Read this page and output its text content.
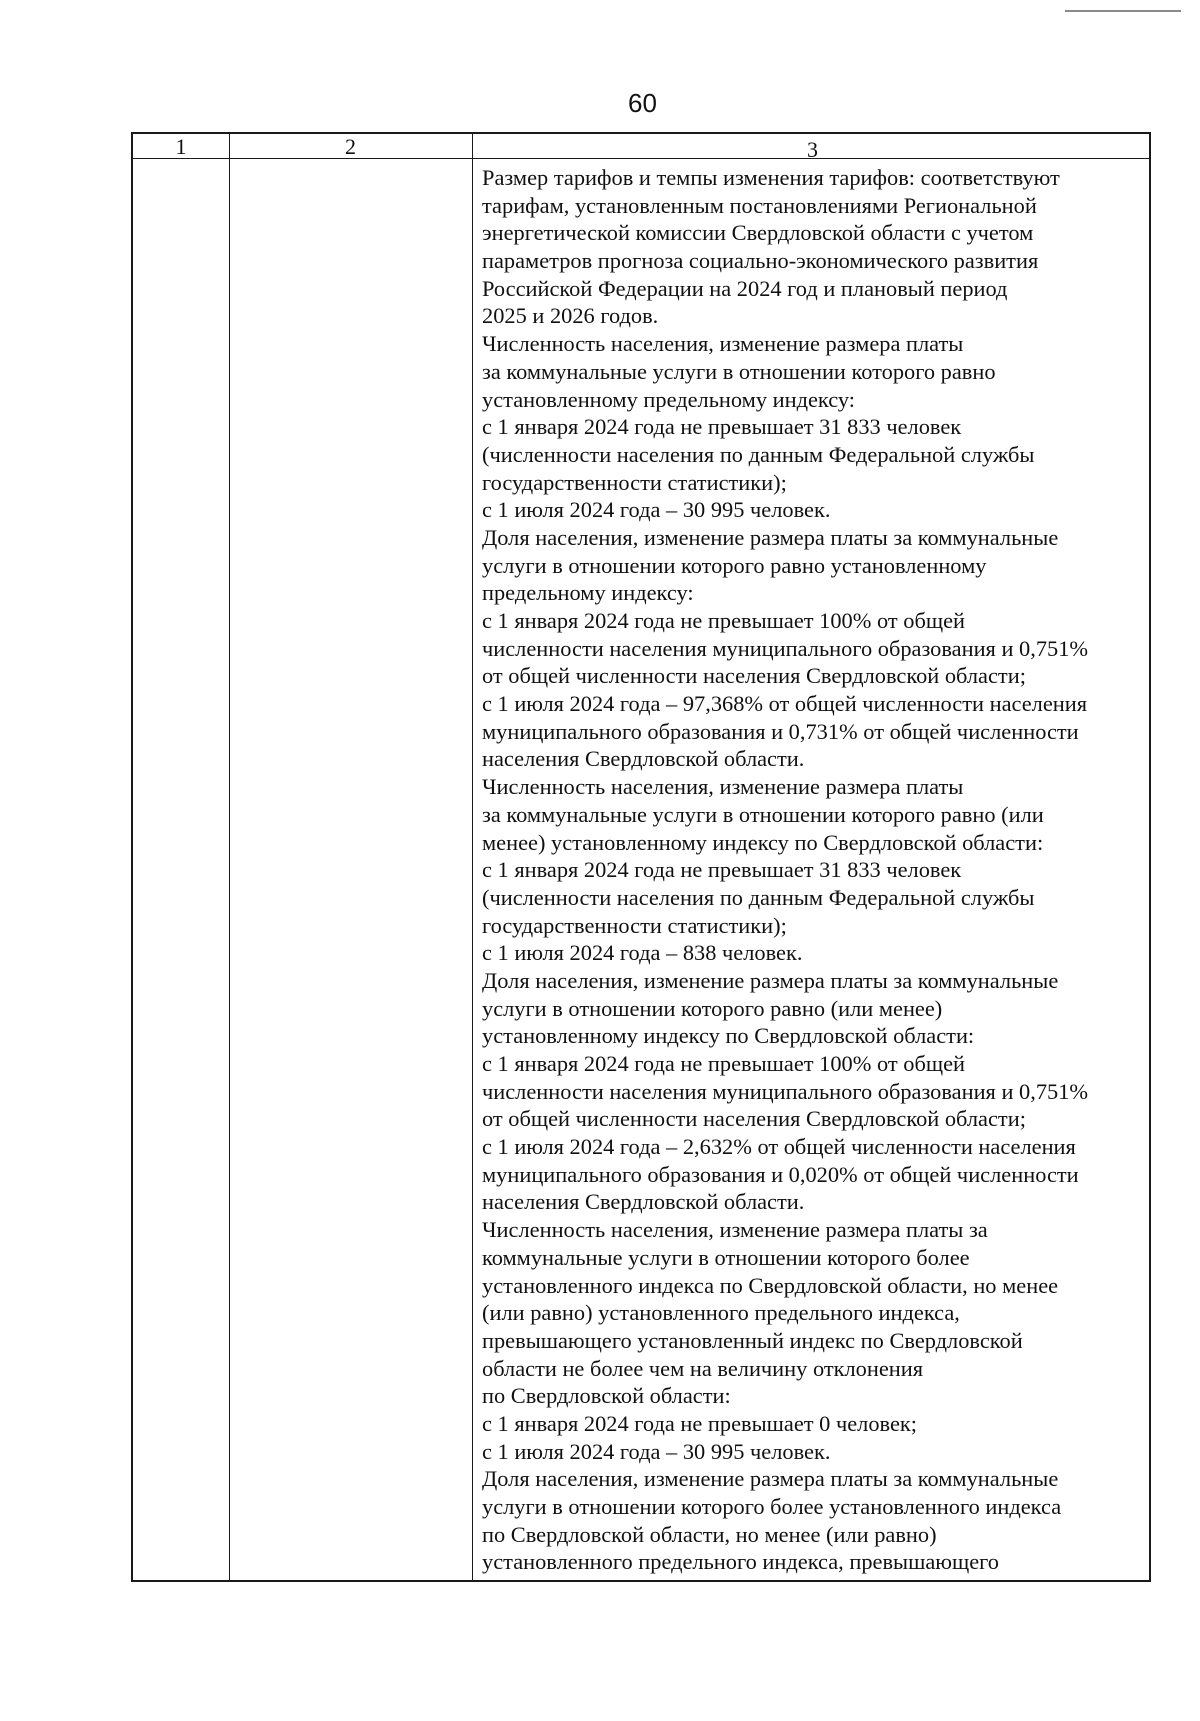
60
1	2	3
Размер тарифов и темпы изменения тарифов: соответствуют
тарифам, установленным постановлениями Региональной
энергетической комиссии Свердловской области с учетом
параметров прогноза социально-экономического развития
Российской Федерации на 2024 год и плановый период
2025 и 2026 годов.
Численность населения, изменение размера платы
за коммунальные услуги в отношении которого равно
установленному предельному индексу:
с 1 января 2024 года не превышает 31 833 человек
(численности населения по данным Федеральной службы
государственности статистики);
с 1 июля 2024 года – 30 995 человек.
Доля населения, изменение размера платы за коммунальные
услуги в отношении которого равно установленному
предельному индексу:
с 1 января 2024 года не превышает 100% от общей
численности населения муниципального образования и 0,751%
от общей численности населения Свердловской области;
с 1 июля 2024 года – 97,368% от общей численности населения
муниципального образования и 0,731% от общей численности
населения Свердловской области.
Численность населения, изменение размера платы
за коммунальные услуги в отношении которого равно (или
менее) установленному индексу по Свердловской области:
с 1 января 2024 года не превышает 31 833 человек
(численности населения по данным Федеральной службы
государственности статистики);
с 1 июля 2024 года – 838 человек.
Доля населения, изменение размера платы за коммунальные
услуги в отношении которого равно (или менее)
установленному индексу по Свердловской области:
с 1 января 2024 года не превышает 100% от общей
численности населения муниципального образования и 0,751%
от общей численности населения Свердловской области;
с 1 июля 2024 года – 2,632% от общей численности населения
муниципального образования и 0,020% от общей численности
населения Свердловской области.
Численность населения, изменение размера платы за
коммунальные услуги в отношении которого более
установленного индекса по Свердловской области, но менее
(или равно) установленного предельного индекса,
превышающего установленный индекс по Свердловской
области не более чем на величину отклонения
по Свердловской области:
с 1 января 2024 года не превышает 0 человек;
с 1 июля 2024 года – 30 995 человек.
Доля населения, изменение размера платы за коммунальные
услуги в отношении которого более установленного индекса
по Свердловской области, но менее (или равно)
установленного предельного индекса, превышающего
